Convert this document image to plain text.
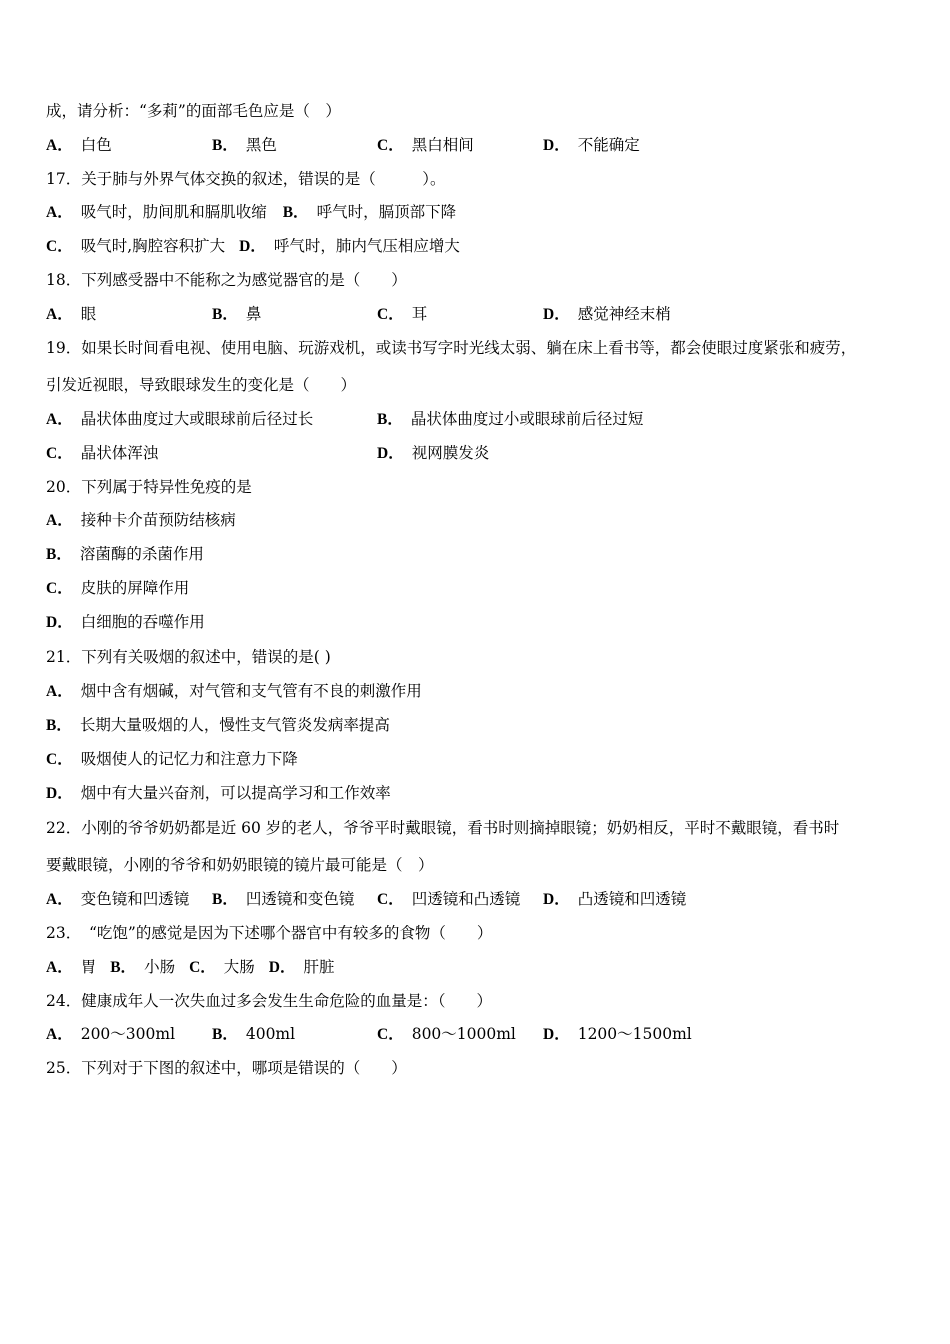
成，请分析：“多莉”的面部毛色应是（　）
A． 白色	B． 黑色	C． 黑白相间	D． 不能确定
17．关于肺与外界气体交换的叙述，错误的是（　　　）。
A． 吸气时，肋间肌和膈肌收缩 B． 呼气时，膈顶部下降
C． 吸气时,胸腔容积扩大 D． 呼气时，肺内气压相应增大
18．下列感受器中不能称之为感觉器官的是（　　）
A． 眼	B． 鼻	C． 耳	D． 感觉神经末梢
19．如果长时间看电视、使用电脑、玩游戏机，或读书写字时光线太弱、躺在床上看书等，都会使眼过度紧张和疲劳，
引发近视眼，导致眼球发生的变化是（　　）
A． 晶状体曲度过大或眼球前后径过长	B． 晶状体曲度过小或眼球前后径过短
C． 晶状体浑浊	D． 视网膜发炎
20．下列属于特异性免疫的是
A． 接种卡介苗预防结核病
B． 溶菌酶的杀菌作用
C． 皮肤的屏障作用
D． 白细胞的吞噬作用
21．下列有关吸烟的叙述中，错误的是( )
A． 烟中含有烟碱，对气管和支气管有不良的刺激作用
B． 长期大量吸烟的人，慢性支气管炎发病率提高
C． 吸烟使人的记忆力和注意力下降
D． 烟中有大量兴奋剂，可以提高学习和工作效率
22．小刚的爷爷奶奶都是近 60 岁的老人，爷爷平时戴眼镜，看书时则摘掉眼镜；奶奶相反，平时不戴眼镜，看书时
要戴眼镜，小刚的爷爷和奶奶眼镜的镜片最可能是（　）
A． 变色镜和凹透镜 B． 凹透镜和变色镜 C． 凹透镜和凸透镜 D． 凸透镜和凹透镜
23．　“吃饱”的感觉是因为下述哪个器官中有较多的食物（　　）
A． 胃 B． 小肠 C． 大肠 D． 肝脏
24．健康成年人一次失血过多会发生生命危险的血量是：（　　）
A． 200～300ml B． 400ml	C． 800～1000ml D． 1200～1500ml
25．下列对于下图的叙述中，哪项是错误的（　　）
